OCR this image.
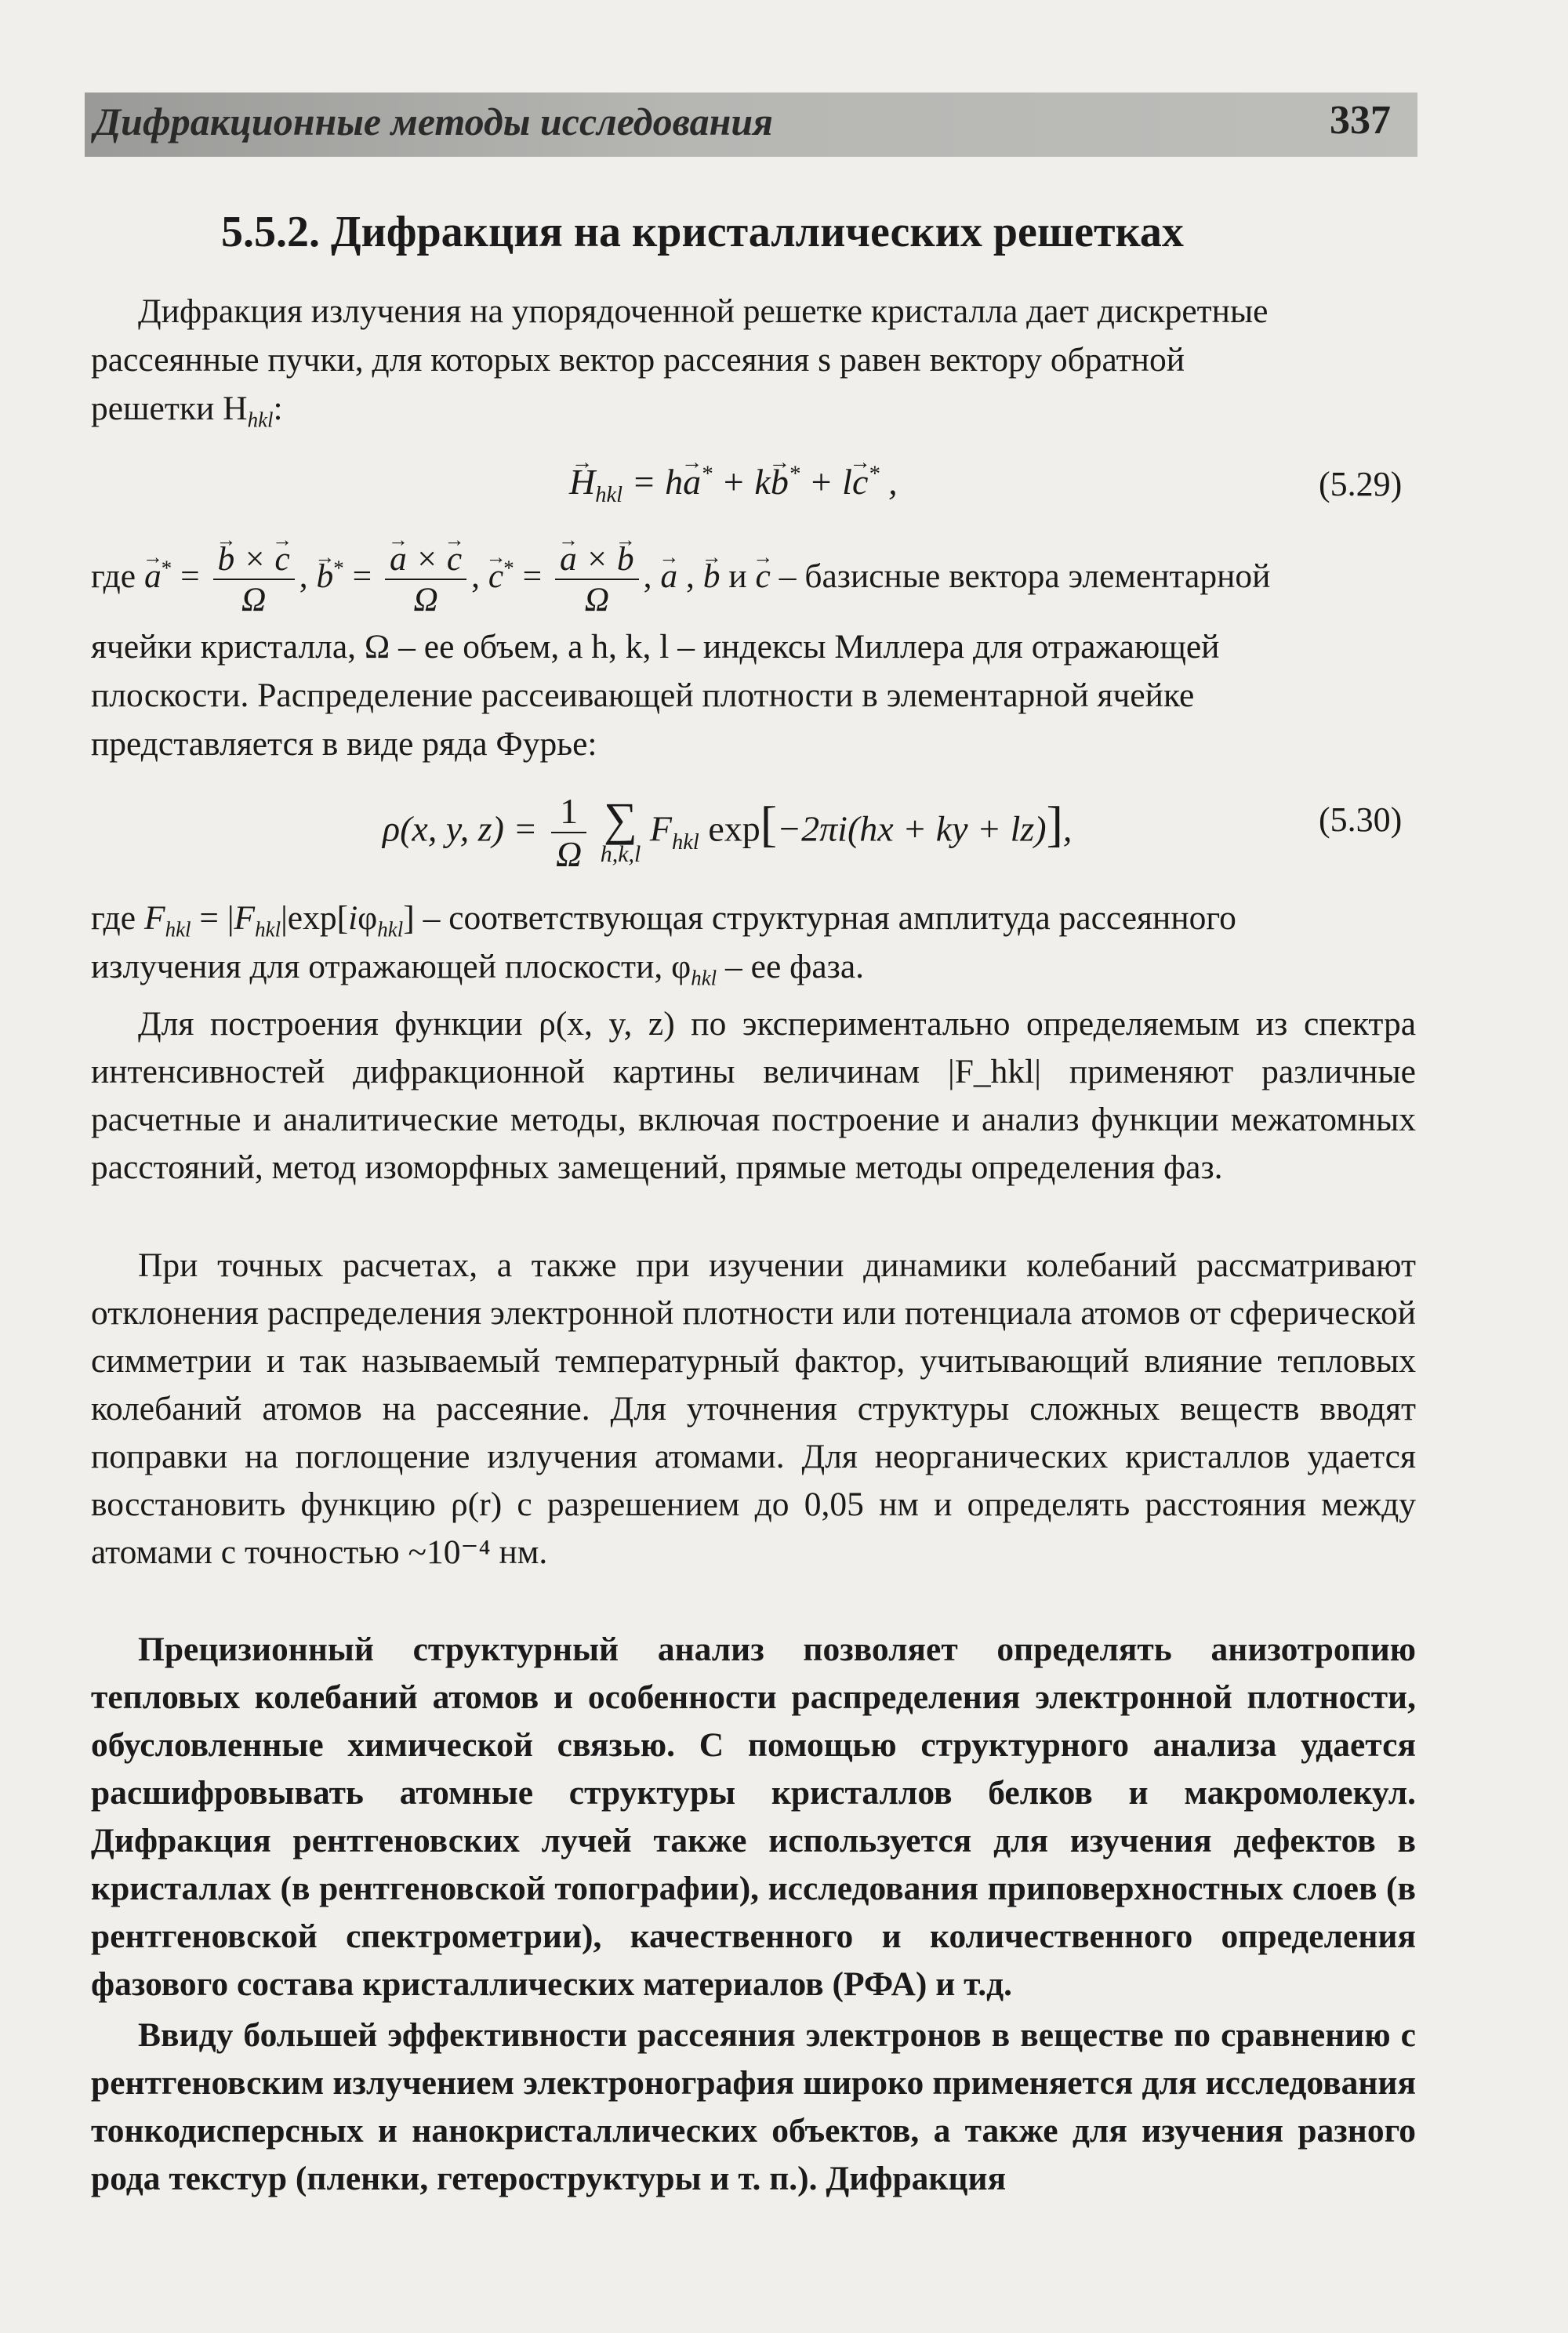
Дифракционные методы исследования	337
5.5.2. Дифракция на кристаллических решетках
Дифракция излучения на упорядоченной решетке кристалла дает дискретные
рассеянные пучки, для которых вектор рассеяния s равен вектору обратной
решетки $H_{hkl}$:
→ $H_{hkl} = h\to a^* + k\to b^* + l\to c^*$ ,	(5.29)
где → a* = → $\frac{b \times \to c}{\Omega}$ , → b* = → $\frac{a \times \to c}{\Omega}$ , → c* = → $\frac{a \times \to b}{\Omega}$ , → a , → b и → c – базисные вектора элементарной
ячейки кристалла, Ω – ее объем, а h, k, l – индексы Миллера для отражающей
плоскости. Распределение рассеивающей плотности в элементарной ячейке
представляется в виде ряда Фурье:
ρ(x, y, $z) = \frac{1}{\Omega}$
∑
h,k,l
$F_{hkl}$ exp[−2πi(hx + ky + lz)],	(5.30)
где $F_{hkl} = |F_{hkl}|\exp[i\varphi_{hkl}]$ – соответствующая структурная амплитуда рассеянного
излучения для отражающей плоскости, $\varphi_{hkl}$ – ее фаза.
Для построения функции ρ(x, y, z) по экспериментально определяемым из спектра интенсивностей дифракционной картины величинам |F_hkl| применяют различные расчетные и аналитические методы, включая построение и анализ функции межатомных расстояний, метод изоморфных замещений, прямые методы определения фаз.
При точных расчетах, а также при изучении динамики колебаний рассматривают отклонения распределения электронной плотности или потенциала атомов от сферической симметрии и так называемый температурный фактор, учитывающий влияние тепловых колебаний атомов на рассеяние. Для уточнения структуры сложных веществ вводят поправки на поглощение излучения атомами. Для неорганических кристаллов удается восстановить функцию ρ(r) с разрешением до 0,05 нм и определять расстояния между атомами с точностью ~10⁻⁴ нм.
Прецизионный структурный анализ позволяет определять анизотропию тепловых колебаний атомов и особенности распределения электронной плотности, обусловленные химической связью. С помощью структурного анализа удается расшифровывать атомные структуры кристаллов белков и макромолекул. Дифракция рентгеновских лучей также используется для изучения дефектов в кристаллах (в рентгеновской топографии), исследования приповерхностных слоев (в рентгеновской спектрометрии), качественного и количественного определения фазового состава кристаллических материалов (РФА) и т.д.
Ввиду большей эффективности рассеяния электронов в веществе по сравнению с рентгеновским излучением электронография широко применяется для исследования тонкодисперсных и нанокристаллических объектов, а также для изучения разного рода текстур (пленки, гетероструктуры и т. п.). Дифракция
